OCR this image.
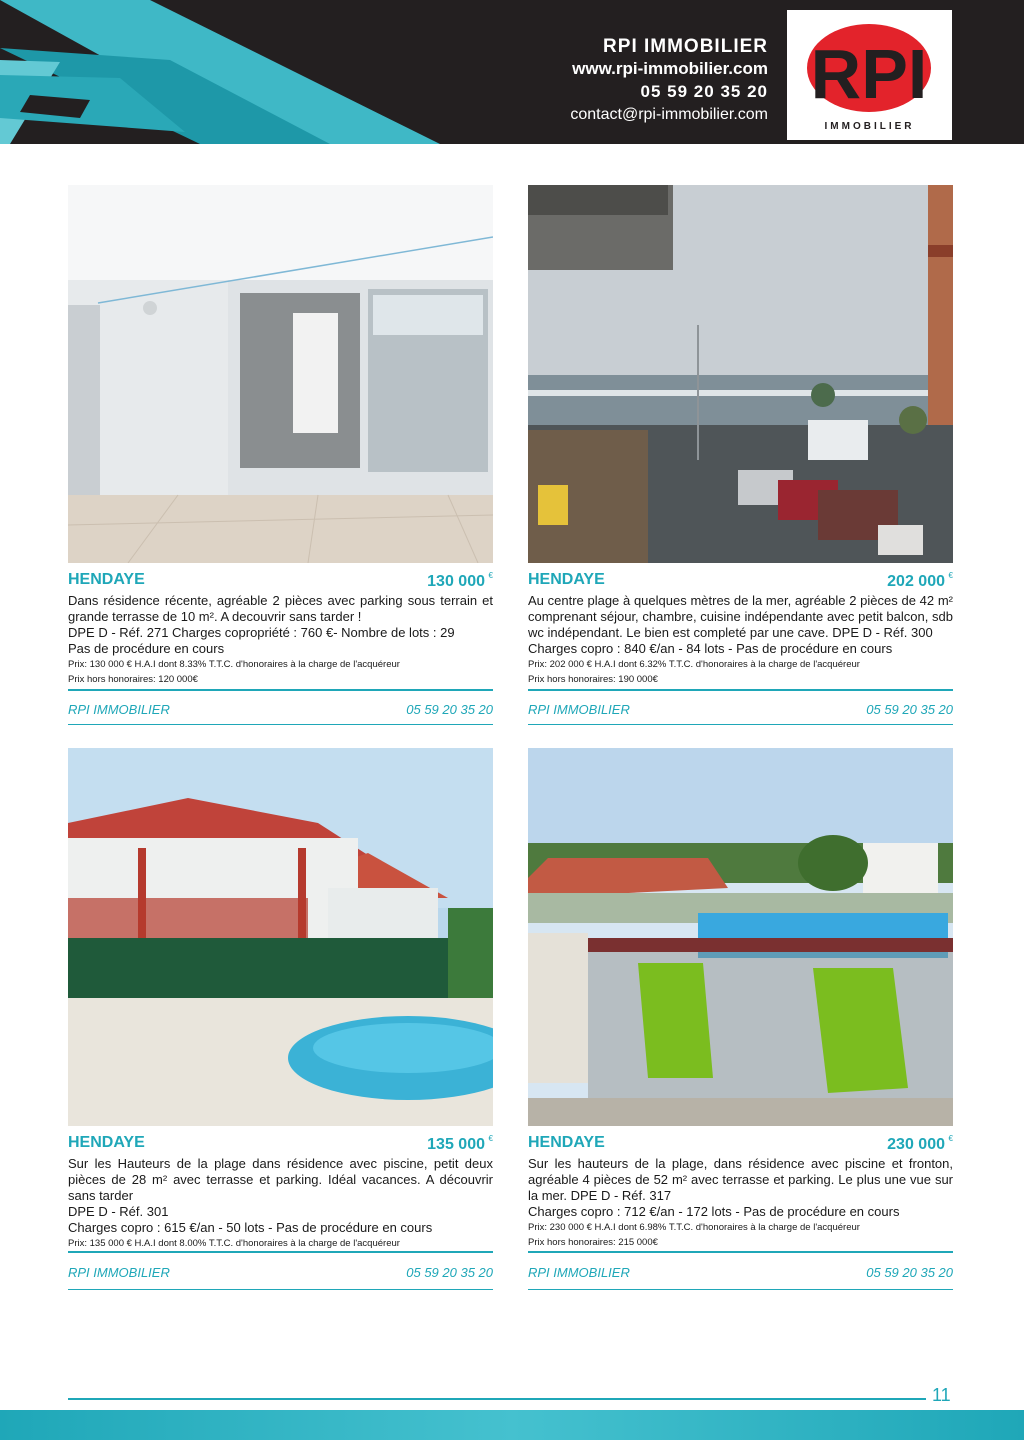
RPI IMMOBILIER
www.rpi-immobilier.com
05 59 20 35 20
contact@rpi-immobilier.com
RPI
IMMOBILIER
HENDAYE	130 000 €
Dans résidence récente, agréable 2 pièces avec parking sous terrain et grande terrasse de 10 m². A decouvrir sans tarder !
DPE D - Réf. 271 Charges copropriété : 760 €- Nombre de lots : 29
Pas de procédure en cours
Prix: 130 000 € H.A.I dont 8.33% T.T.C. d'honoraires à la charge de l'acquéreur
Prix hors honoraires: 120 000€
RPI IMMOBILIER	05 59 20 35 20
HENDAYE	202 000 €
Au centre plage à quelques mètres de la mer, agréable 2 pièces de 42 m² comprenant séjour, chambre, cuisine indépendante avec petit balcon, sdb wc indépendant. Le bien est completé par une cave. DPE D - Réf. 300
Charges copro : 840 €/an - 84 lots - Pas de procédure en cours
Prix: 202 000 € H.A.I dont 6.32% T.T.C. d'honoraires à la charge de l'acquéreur
Prix hors honoraires: 190 000€
RPI IMMOBILIER	05 59 20 35 20
HENDAYE	135 000 €
Sur les Hauteurs de la plage dans résidence avec piscine, petit deux pièces de 28 m² avec terrasse et parking. Idéal vacances. A découvrir sans tarder
DPE D - Réf. 301
Charges copro : 615 €/an - 50 lots - Pas de procédure en cours
Prix: 135 000 € H.A.I dont 8.00% T.T.C. d'honoraires à la charge de l'acquéreur
RPI IMMOBILIER	05 59 20 35 20
HENDAYE	230 000 €
Sur les hauteurs de la plage, dans résidence avec piscine et fronton, agréable 4 pièces de 52 m² avec terrasse et parking. Le plus une vue sur la mer. DPE D - Réf. 317
Charges copro : 712 €/an - 172 lots - Pas de procédure en cours
Prix: 230 000 € H.A.I dont 6.98% T.T.C. d'honoraires à la charge de l'acquéreur
Prix hors honoraires: 215 000€
RPI IMMOBILIER	05 59 20 35 20
11
